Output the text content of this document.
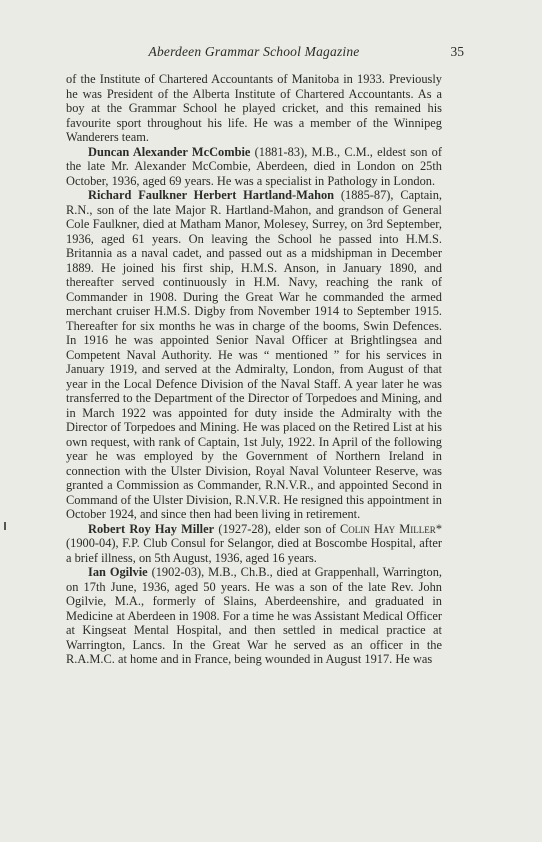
Aberdeen Grammar School Magazine	35

of the Institute of Chartered Accountants of Manitoba in 1933. Previously he was President of the Alberta Institute of Chartered Accountants. As a boy at the Grammar School he played cricket, and this remained his favourite sport throughout his life. He was a member of the Winnipeg Wanderers team.

Duncan Alexander McCombie (1881-83), M.B., C.M., eldest son of the late Mr. Alexander McCombie, Aberdeen, died in London on 25th October, 1936, aged 69 years. He was a specialist in Pathology in London.

Richard Faulkner Herbert Hartland-Mahon (1885-87), Captain, R.N., son of the late Major R. Hartland-Mahon, and grandson of General Cole Faulkner, died at Matham Manor, Molesey, Surrey, on 3rd September, 1936, aged 61 years. On leaving the School he passed into H.M.S. Britannia as a naval cadet, and passed out as a midshipman in December 1889. He joined his first ship, H.M.S. Anson, in January 1890, and thereafter served continuously in H.M. Navy, reaching the rank of Commander in 1908. During the Great War he commanded the armed merchant cruiser H.M.S. Digby from November 1914 to September 1915. Thereafter for six months he was in charge of the booms, Swin Defences. In 1916 he was appointed Senior Naval Officer at Brightlingsea and Competent Naval Authority. He was “ mentioned ” for his services in January 1919, and served at the Admiralty, London, from August of that year in the Local Defence Division of the Naval Staff. A year later he was transferred to the Department of the Director of Torpedoes and Mining, and in March 1922 was appointed for duty inside the Admiralty with the Director of Torpedoes and Mining. He was placed on the Retired List at his own request, with rank of Captain, 1st July, 1922. In April of the following year he was employed by the Government of Northern Ireland in connection with the Ulster Division, Royal Naval Volunteer Reserve, was granted a Commission as Commander, R.N.V.R., and appointed Second in Command of the Ulster Division, R.N.V.R. He resigned this appointment in October 1924, and since then had been living in retirement.

Robert Roy Hay Miller (1927-28), elder son of Colin Hay Miller* (1900-04), F.P. Club Consul for Selangor, died at Boscombe Hospital, after a brief illness, on 5th August, 1936, aged 16 years.

Ian Ogilvie (1902-03), M.B., Ch.B., died at Grappenhall, Warrington, on 17th June, 1936, aged 50 years. He was a son of the late Rev. John Ogilvie, M.A., formerly of Slains, Aberdeenshire, and graduated in Medicine at Aberdeen in 1908. For a time he was Assistant Medical Officer at Kingseat Mental Hospital, and then settled in medical practice at Warrington, Lancs. In the Great War he served as an officer in the R.A.M.C. at home and in France, being wounded in August 1917. He was
